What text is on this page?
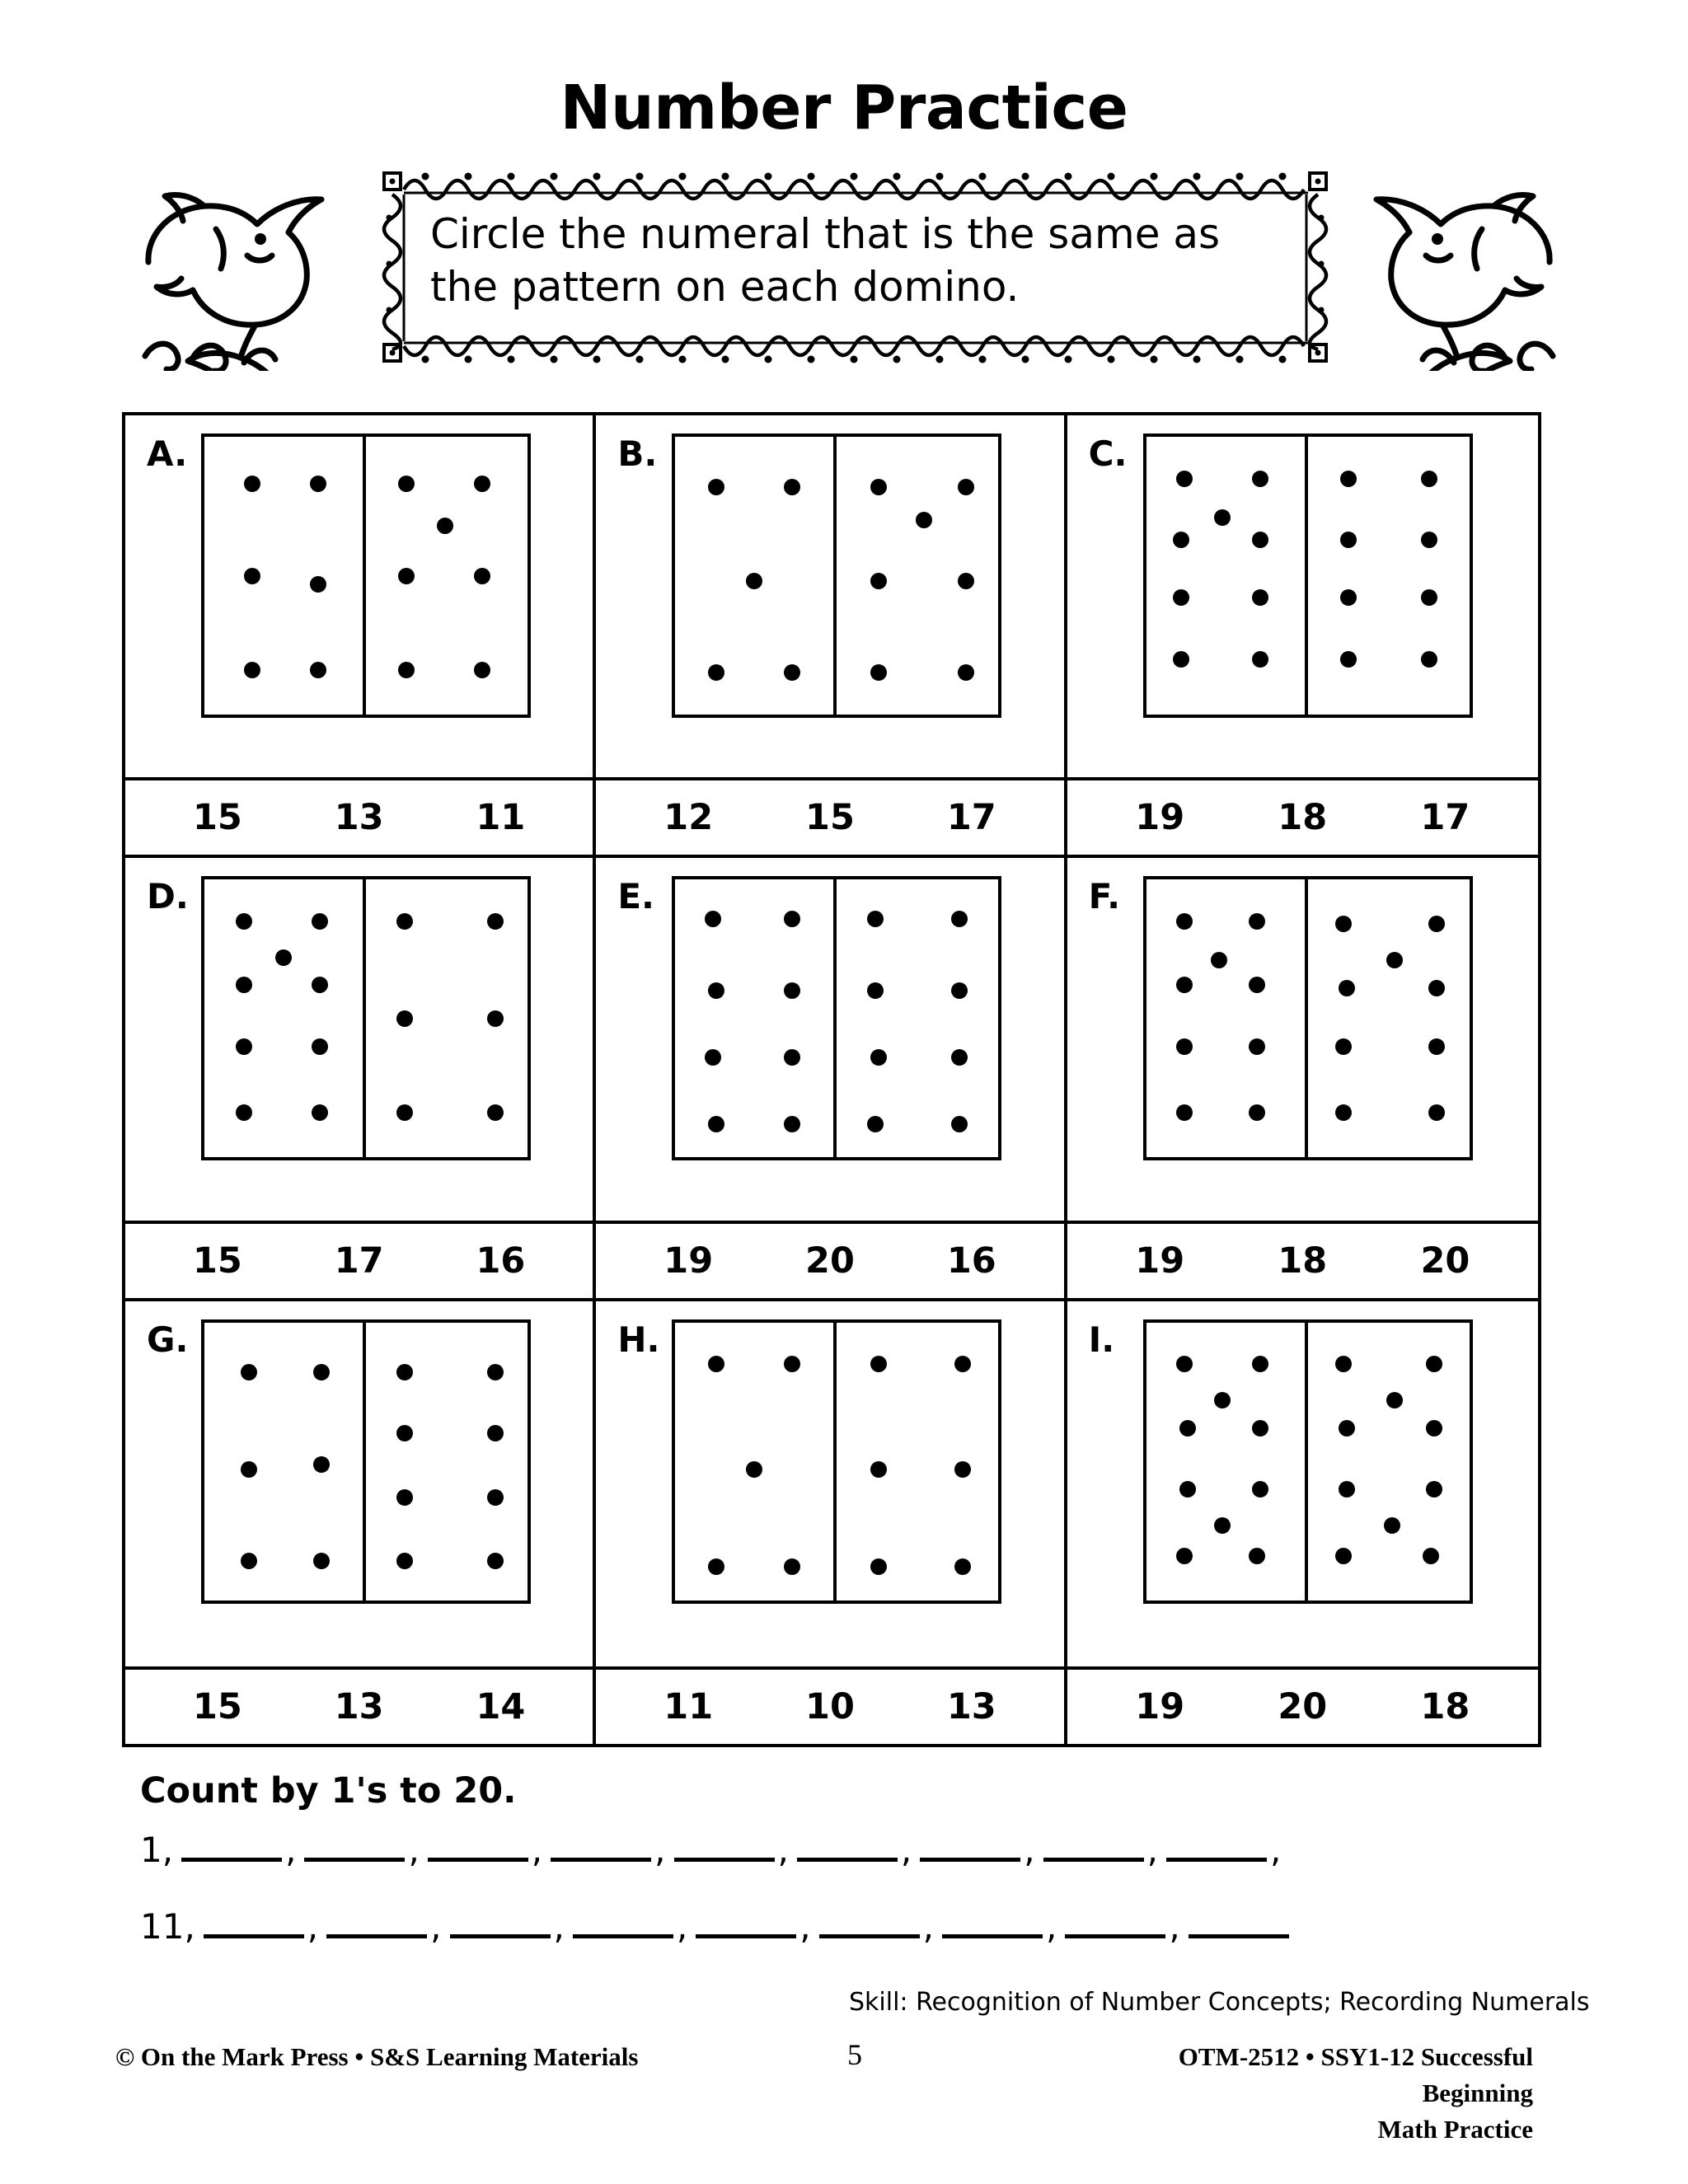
Number Practice
Circle the numeral that is the same as the pattern on each domino.
A.
15	13	11
B.
12	15	17
C.
19	18	17
D.
15	17	16
E.
19	20	16
F.
19	18	20
G.
15	13	14
H.
11	10	13
I.
19	20	18
Count by 1's to 20.
1,	,	,	,	,	,	,	,	,	,
11,	,	,	,	,	,	,	,	,
Skill: Recognition of Number Concepts; Recording Numerals
© On the Mark Press • S&S Learning Materials	5	OTM-2512 • SSY1-12 Successful Beginning
Math Practice
